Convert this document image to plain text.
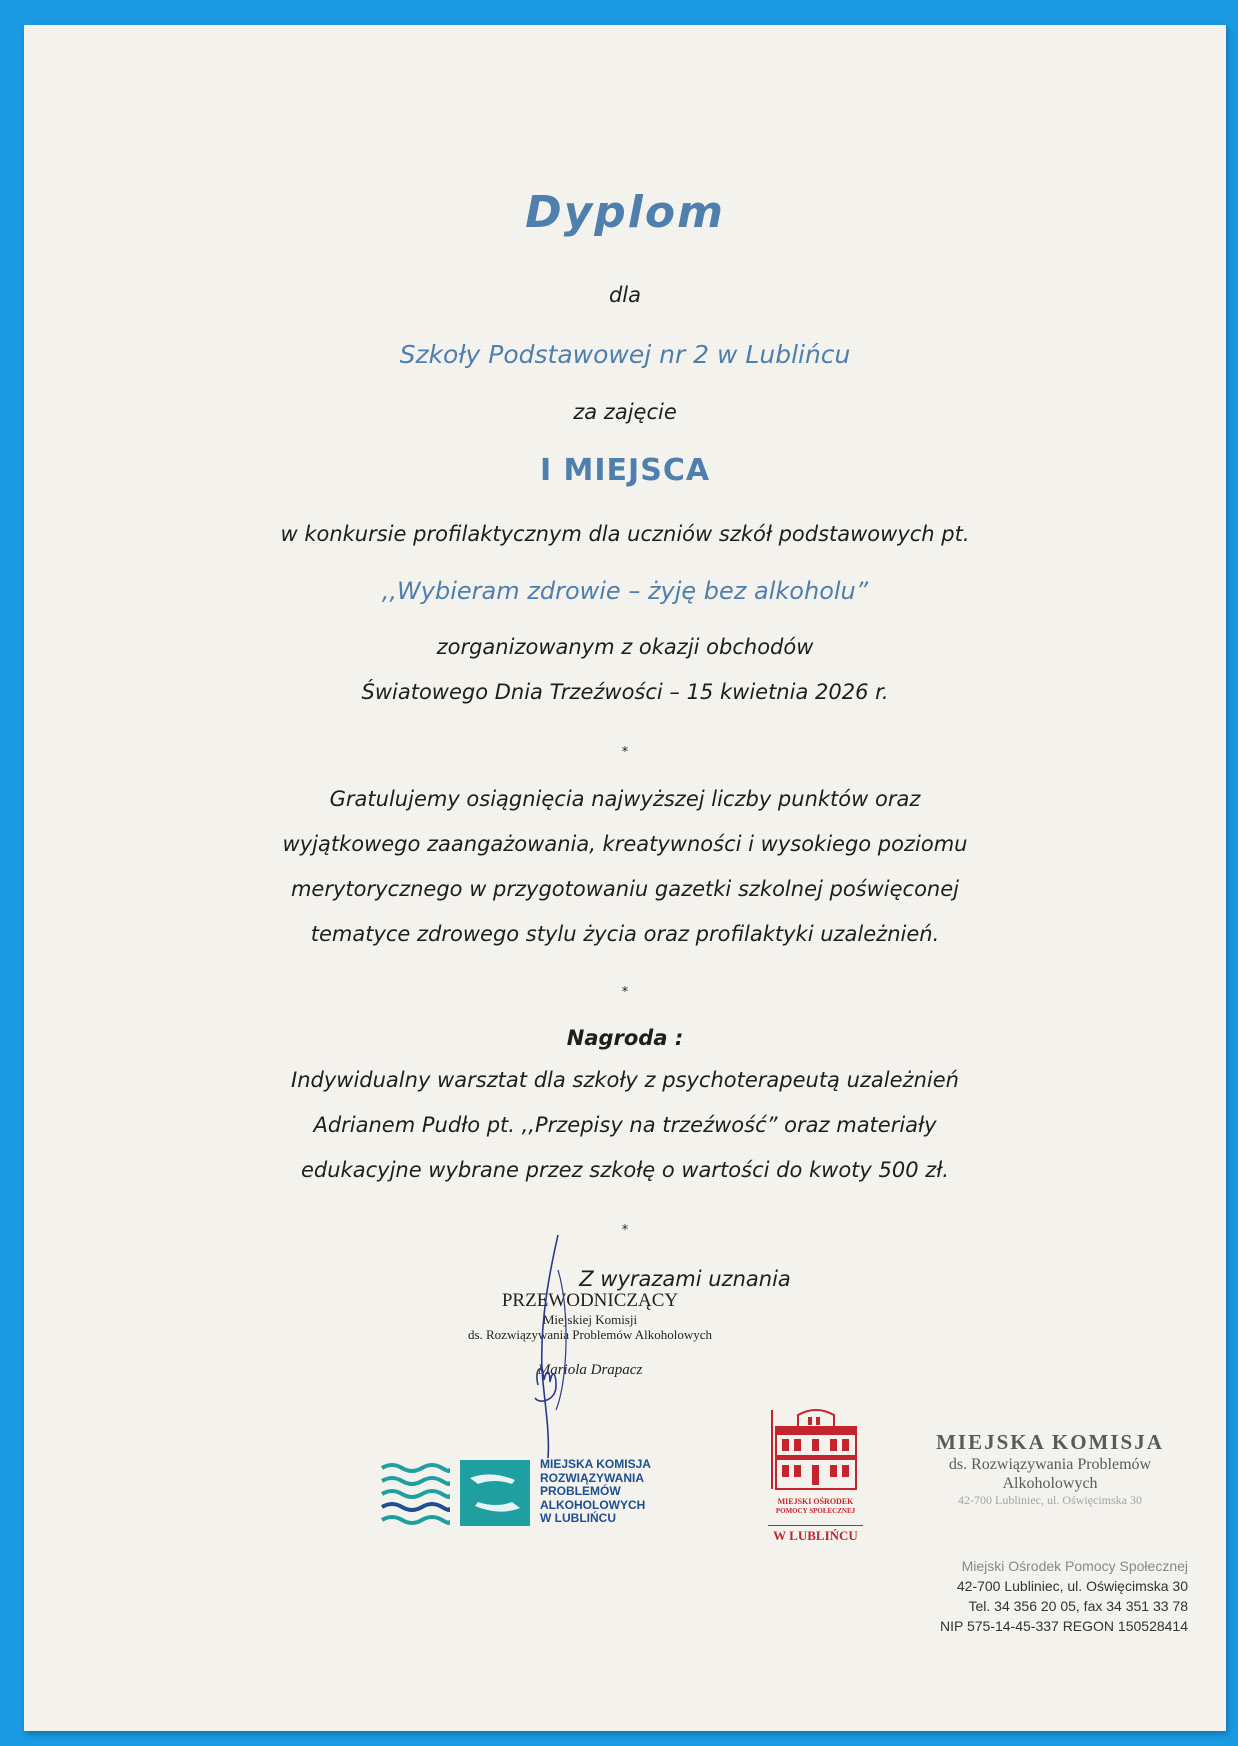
Dyplom
dla
Szkoły Podstawowej nr 2 w Lublińcu
za zajęcie
I MIEJSCA
w konkursie profilaktycznym dla uczniów szkół podstawowych pt.
,,Wybieram zdrowie – żyję bez alkoholu”
zorganizowanym z okazji obchodów
Światowego Dnia Trzeźwości – 15 kwietnia 2026 r.
*
Gratulujemy osiągnięcia najwyższej liczby punktów oraz
wyjątkowego zaangażowania, kreatywności i wysokiego poziomu
merytorycznego w przygotowaniu gazetki szkolnej poświęconej
tematyce zdrowego stylu życia oraz profilaktyki uzależnień.
*
Nagroda :
Indywidualny warsztat dla szkoły z psychoterapeutą uzależnień
Adrianem Pudło pt. ,,Przepisy na trzeźwość” oraz materiały
edukacyjne wybrane przez szkołę o wartości do kwoty 500 zł.
*
Z wyrazami uznania
PRZEWODNICZĄCY
Miejskiej Komisji
ds. Rozwiązywania Problemów Alkoholowych
Mariola Drapacz
MIEJSKA KOMISJA
ROZWIĄZYWANIA
PROBLEMÓW
ALKOHOLOWYCH
W LUBLIŃCU
MIEJSKI OŚRODEK
POMOCY SPOŁECZNEJ
W LUBLIŃCU
MIEJSKA KOMISJA
ds. Rozwiązywania Problemów
Alkoholowych
42-700 Lubliniec, ul. Oświęcimska 30
Miejski Ośrodek Pomocy Społecznej
42-700 Lubliniec, ul. Oświęcimska 30
Tel. 34 356 20 05, fax 34 351 33 78
NIP 575-14-45-337 REGON 150528414
